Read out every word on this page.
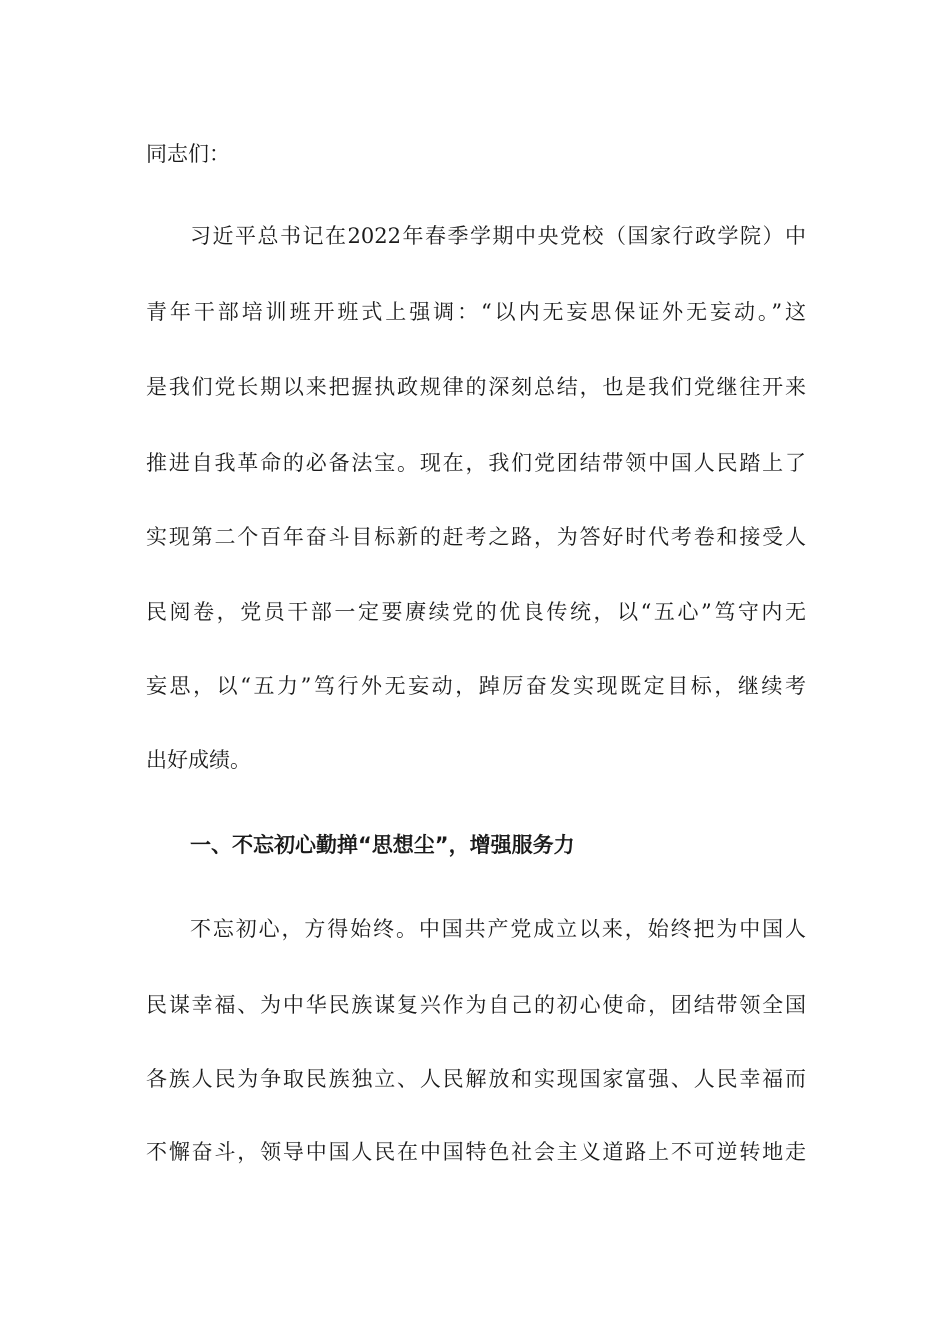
同志们：
习近平总书记在2022年春季学期中央党校（国家行政学院）中
青年干部培训班开班式上强调：“以内无妄思保证外无妄动。”这
是我们党长期以来把握执政规律的深刻总结，也是我们党继往开来
推进自我革命的必备法宝。现在，我们党团结带领中国人民踏上了
实现第二个百年奋斗目标新的赶考之路，为答好时代考卷和接受人
民阅卷，党员干部一定要赓续党的优良传统，以“五心”笃守内无
妄思，以“五力”笃行外无妄动，踔厉奋发实现既定目标，继续考
出好成绩。
一、不忘初心勤掸“思想尘”，增强服务力
不忘初心，方得始终。中国共产党成立以来，始终把为中国人
民谋幸福、为中华民族谋复兴作为自己的初心使命，团结带领全国
各族人民为争取民族独立、人民解放和实现国家富强、人民幸福而
不懈奋斗，领导中国人民在中国特色社会主义道路上不可逆转地走
